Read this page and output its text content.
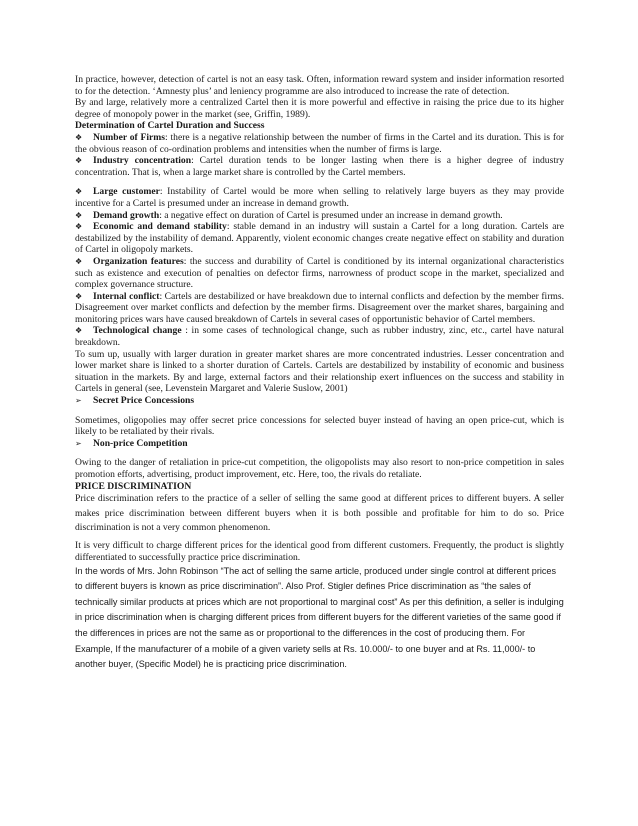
In practice, however, detection of cartel is not an easy task. Often, information reward system and insider information resorted to for the detection. ‘Amnesty plus’ and leniency programme are also introduced to increase the rate of detection.

By and large, relatively more a centralized Cartel then it is more powerful and effective in raising the price due to its higher degree of monopoly power in the market (see, Griffin, 1989).

Determination of Cartel Duration and Success

❖ Number of Firms: there is a negative relationship between the number of firms in the Cartel and its duration. This is for the obvious reason of co-ordination problems and intensities when the number of firms is large.

❖ Industry concentration: Cartel duration tends to be longer lasting when there is a higher degree of industry concentration. That is, when a large market share is controlled by the Cartel members.

❖ Large customer: Instability of Cartel would be more when selling to relatively large buyers as they may provide incentive for a Cartel is presumed under an increase in demand growth.

❖ Demand growth: a negative effect on duration of Cartel is presumed under an increase in demand growth.

❖ Economic and demand stability: stable demand in an industry will sustain a Cartel for a long duration. Cartels are destabilized by the instability of demand. Apparently, violent economic changes create negative effect on stability and duration of Cartel in oligopoly markets.

❖ Organization features: the success and durability of Cartel is conditioned by its internal organizational characteristics such as existence and execution of penalties on defector firms, narrowness of product scope in the market, specialized and complex governance structure.

❖ Internal conflict: Cartels are destabilized or have breakdown due to internal conflicts and defection by the member firms. Disagreement over market conflicts and defection by the member firms. Disagreement over the market shares, bargaining and monitoring prices wars have caused breakdown of Cartels in several cases of opportunistic behavior of Cartel members.

❖ Technological change : in some cases of technological change, such as rubber industry, zinc, etc., cartel have natural breakdown.

To sum up, usually with larger duration in greater market shares are more concentrated industries. Lesser concentration and lower market share is linked to a shorter duration of Cartels. Cartels are destabilized by instability of economic and business situation in the markets. By and large, external factors and their relationship exert influences on the success and stability in Cartels in general (see, Levenstein Margaret and Valerie Suslow, 2001)

➢ Secret Price Concessions

Sometimes, oligopolies may offer secret price concessions for selected buyer instead of having an open price-cut, which is likely to be retaliated by their rivals.

➢ Non-price Competition

Owing to the danger of retaliation in price-cut competition, the oligopolists may also resort to non-price competition in sales promotion efforts, advertising, product improvement, etc. Here, too, the rivals do retaliate.

PRICE DISCRIMINATION

Price discrimination refers to the practice of a seller of selling the same good at different prices to different buyers. A seller makes price discrimination between different buyers when it is both possible and profitable for him to do so. Price discrimination is not a very common phenomenon.

It is very difficult to charge different prices for the identical good from different customers. Frequently, the product is slightly differentiated to successfully practice price discrimination.

In the words of Mrs. John Robinson “The act of selling the same article, produced under single control at different prices to different buyers is known as price discrimination”. Also Prof. Stigler defines Price discrimination as “the sales of technically similar products at prices which are not proportional to marginal cost” As per this definition, a seller is indulging in price discrimination when is charging different prices from different buyers for the different varieties of the same good if the differences in prices are not the same as or proportional to the differences in the cost of producing them. For Example, If the manufacturer of a mobile of a given variety sells at Rs. 10.000/- to one buyer and at Rs. 11,000/- to another buyer, (Specific Model) he is practicing price discrimination.
